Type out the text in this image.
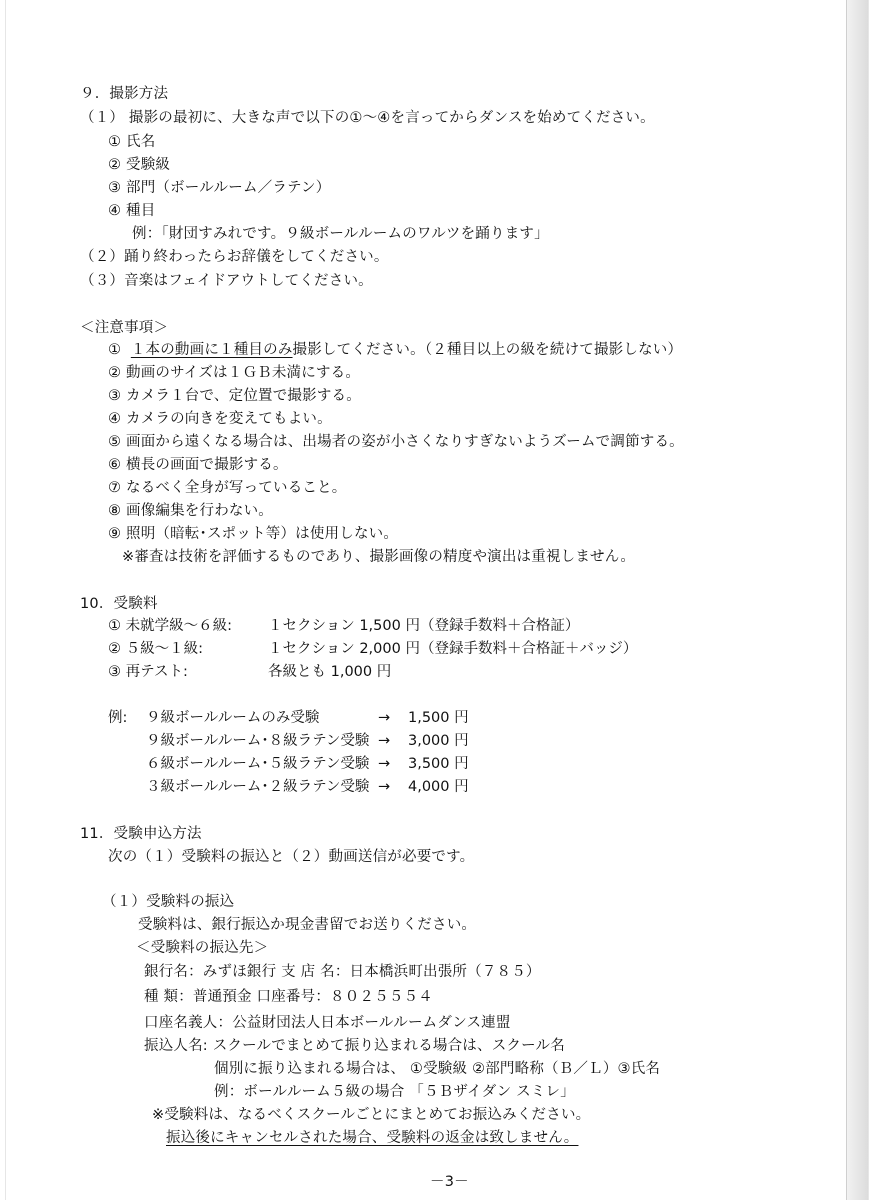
９．撮影方法
（１） 撮影の最初に、大きな声で以下の①～④を言ってからダンスを始めてください。
① 氏名
② 受験級
③ 部門（ボールルーム／ラテン）
④ 種目
例：「財団すみれです。９級ボールルームのワルツを踊ります」
（２）踊り終わったらお辞儀をしてください。
（３）音楽はフェイドアウトしてください。
＜注意事項＞
① １本の動画に１種目のみ撮影してください。（２種目以上の級を続けて撮影しない）
② 動画のサイズは１ＧＢ未満にする。
③ カメラ１台で、定位置で撮影する。
④ カメラの向きを変えてもよい。
⑤ 画面から遠くなる場合は、出場者の姿が小さくなりすぎないようズームで調節する。
⑥ 横長の画面で撮影する。
⑦ なるべく全身が写っていること。
⑧ 画像編集を行わない。
⑨ 照明（暗転･スポット等）は使用しない。
※審査は技術を評価するものであり、撮影画像の精度や演出は重視しません。
10．受験料
① 未就学級～６級: １セクション 1,500 円（登録手数料＋合格証）
② ５級～１級:	１セクション 2,000 円（登録手数料＋合格証＋バッジ）
③ 再テスト:	各級とも 1,000 円
例: ９級ボールルームのみ受験	→ 1,500 円
９級ボールルーム･８級ラテン受験 → 3,000 円
６級ボールルーム･５級ラテン受験 → 3,500 円
３級ボールルーム･２級ラテン受験 → 4,000 円
11．受験申込方法
次の（１）受験料の振込と（２）動画送信が必要です。
（１）受験料の振込
受験料は、銀行振込か現金書留でお送りください。
＜受験料の振込先＞
銀行名：みずほ銀行 支 店 名：日本橋浜町出張所（７８５）
種 類：普通預金 口座番号：８０２５５５４
口座名義人：公益財団法人日本ボールルームダンス連盟
振込人名: スクールでまとめて振り込まれる場合は、スクール名
個別に振り込まれる場合は、 ①受験級 ②部門略称（Ｂ／Ｌ）③氏名
例：ボールルーム５級の場合 「５Ｂザイダン スミレ」
※受験料は、なるべくスクールごとにまとめてお振込みください。
振込後にキャンセルされた場合、受験料の返金は致しません。
－3－
